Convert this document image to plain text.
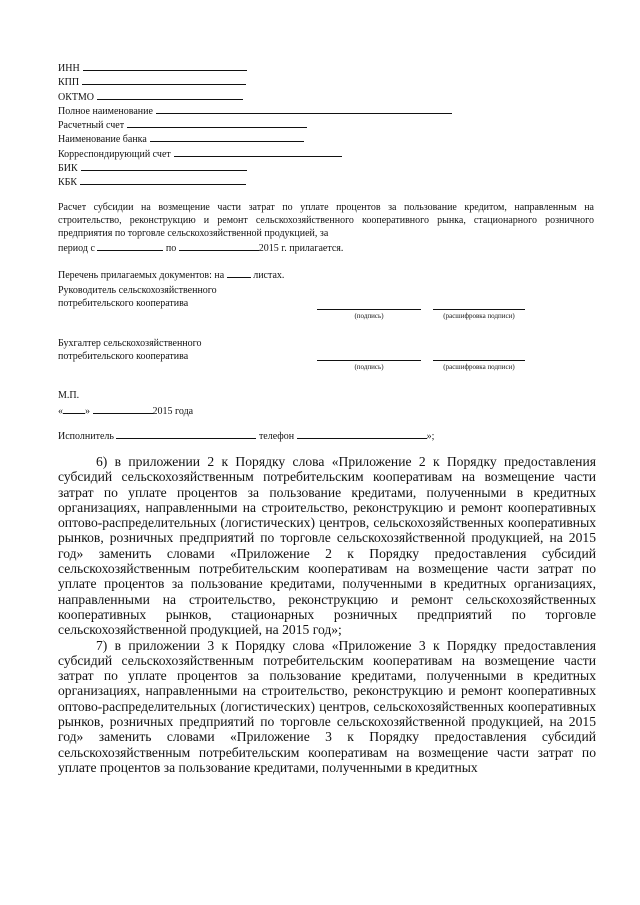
ИНН
КПП
ОКТМО
Полное наименование
Расчетный счет
Наименование банка
Корреспондирующий счет
БИК
КБК
Расчет субсидии на возмещение части затрат по уплате процентов за пользование кредитом, направленным на строительство, реконструкцию и ремонт сельскохозяйственного кооперативного рынка, стационарного розничного предприятия по торговле сельскохозяйственной продукцией, за
период с	по	2015 г. прилагается.
Перечень прилагаемых документов: на	листах.
Руководитель сельскохозяйственного потребительского кооператива
(подпись)	(расшифровка подписи)
Бухгалтер сельскохозяйственного потребительского кооператива
(подпись)	(расшифровка подписи)
М.П.
« »	2015 года
Исполнитель	телефон	»;

6) в приложении 2 к Порядку слова «Приложение 2 к Порядку предоставления субсидий сельскохозяйственным потребительским кооперативам на возмещение части затрат по уплате процентов за пользование кредитами, полученными в кредитных организациях, направленными на строительство, реконструкцию и ремонт кооперативных оптово-распределительных (логистических) центров, сельскохозяйственных кооперативных рынков, розничных предприятий по торговле сельскохозяйственной продукцией, на 2015 год» заменить словами «Приложение 2 к Порядку предоставления субсидий сельскохозяйственным потребительским кооперативам на возмещение части затрат по уплате процентов за пользование кредитами, полученными в кредитных организациях, направленными на строительство, реконструкцию и ремонт сельскохозяйственных кооперативных рынков, стационарных розничных предприятий по торговле сельскохозяйственной продукцией, на 2015 год»;

7) в приложении 3 к Порядку слова «Приложение 3 к Порядку предоставления субсидий сельскохозяйственным потребительским кооперативам на возмещение части затрат по уплате процентов за пользование кредитами, полученными в кредитных организациях, направленными на строительство, реконструкцию и ремонт кооперативных оптово-распределительных (логистических) центров, сельскохозяйственных кооперативных рынков, розничных предприятий по торговле сельскохозяйственной продукцией, на 2015 год» заменить словами «Приложение 3 к Порядку предоставления субсидий сельскохозяйственным потребительским кооперативам на возмещение части затрат по уплате процентов за пользование кредитами, полученными в кредитных
